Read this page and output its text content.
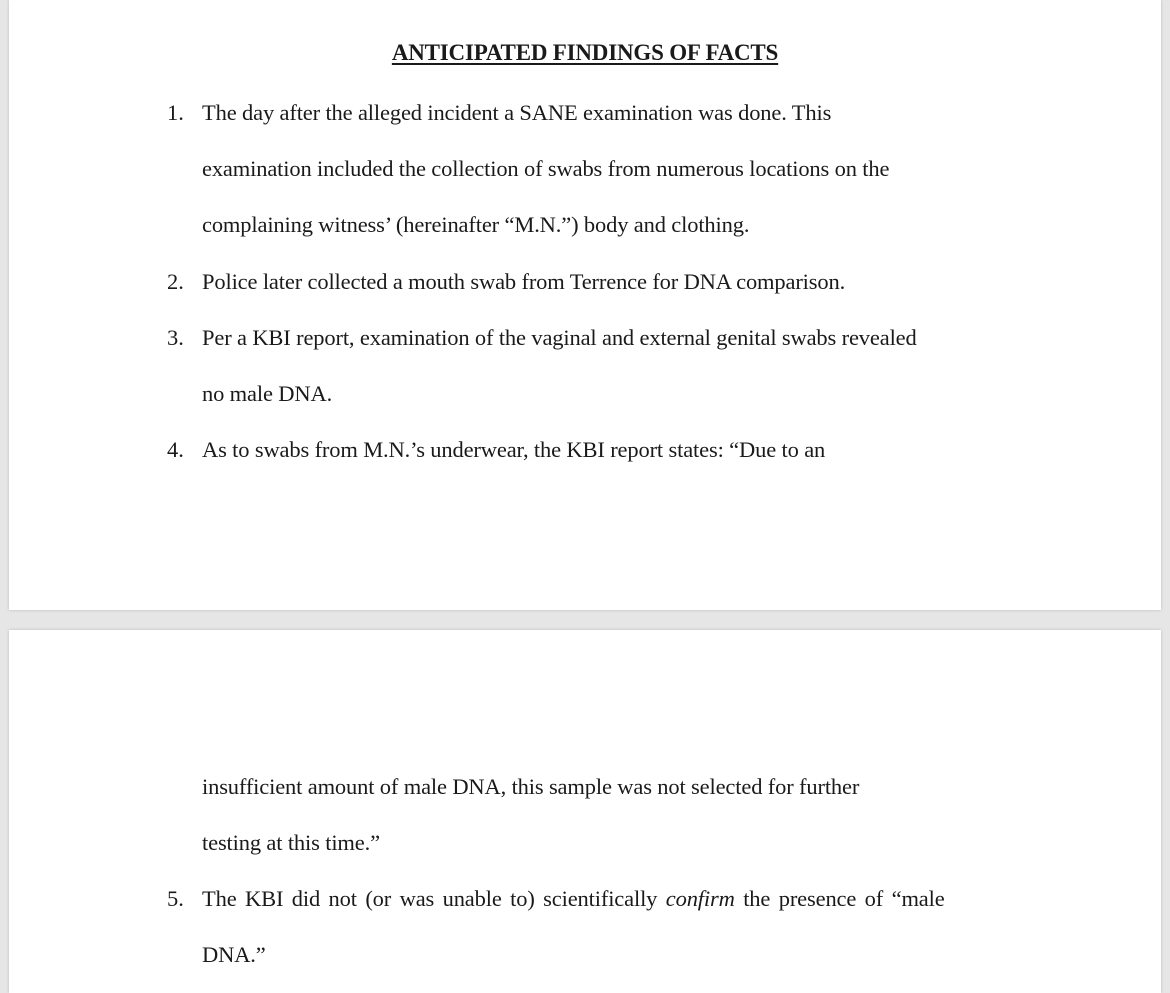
ANTICIPATED FINDINGS OF FACTS
1. The day after the alleged incident a SANE examination was done. This
examination included the collection of swabs from numerous locations on the
complaining witness’ (hereinafter “M.N.”) body and clothing.
2. Police later collected a mouth swab from Terrence for DNA comparison.
3. Per a KBI report, examination of the vaginal and external genital swabs revealed
no male DNA.
4. As to swabs from M.N.’s underwear, the KBI report states: “Due to an
insufficient amount of male DNA, this sample was not selected for further
testing at this time.”
5. The KBI did not (or was unable to) scientifically confirm the presence of “male
DNA.”
